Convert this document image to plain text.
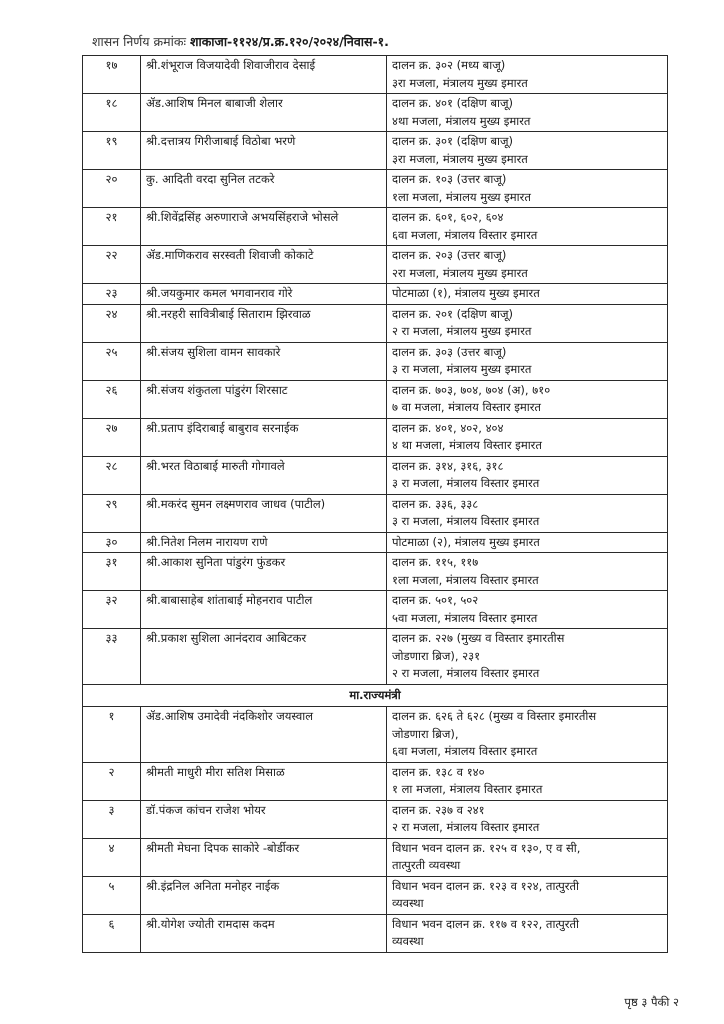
शासन निर्णय क्रमांकः शाकाजा-११२४/प्र.क्र.१२०/२०२४/निवास-१.
१७	श्री.शंभूराज विजयादेवी शिवाजीराव देसाई	दालन क्र. ३०२ (मध्य बाजू)
३रा मजला, मंत्रालय मुख्य इमारत

१८	ॲड.आशिष मिनल बाबाजी शेलार	दालन क्र. ४०१ (दक्षिण बाजू)
४था मजला, मंत्रालय मुख्य इमारत

१९	श्री.दत्तात्रय गिरीजाबाई विठोबा भरणे	दालन क्र. ३०१ (दक्षिण बाजू)
३रा मजला, मंत्रालय मुख्य इमारत

२०	कु. आदिती वरदा सुनिल तटकरे	दालन क्र. १०३ (उत्तर बाजू)
१ला मजला, मंत्रालय मुख्य इमारत

२१	श्री.शिवेंद्रसिंह अरुणाराजे अभयसिंहराजे भोसले	दालन क्र. ६०१, ६०२, ६०४
६वा मजला, मंत्रालय विस्तार इमारत

२२	ॲड.माणिकराव सरस्वती शिवाजी कोकाटे	दालन क्र. २०३ (उत्तर बाजू)
२रा मजला, मंत्रालय मुख्य इमारत

२३	श्री.जयकुमार कमल भगवानराव गोरे	पोटमाळा (१), मंत्रालय मुख्य इमारत

२४	श्री.नरहरी सावित्रीबाई सिताराम झिरवाळ	दालन क्र. २०१ (दक्षिण बाजू)
२ रा मजला, मंत्रालय मुख्य इमारत

२५	श्री.संजय सुशिला वामन सावकारे	दालन क्र. ३०३ (उत्तर बाजू)
३ रा मजला, मंत्रालय मुख्य इमारत

२६	श्री.संजय शंकुतला पांडुरंग शिरसाट	दालन क्र. ७०३, ७०४, ७०४ (अ), ७१०
७ वा मजला, मंत्रालय विस्तार इमारत

२७	श्री.प्रताप इंदिराबाई बाबुराव सरनाईक	दालन क्र. ४०१, ४०२, ४०४
४ था मजला, मंत्रालय विस्तार इमारत

२८	श्री.भरत विठाबाई मारुती गोगावले	दालन क्र. ३१४, ३१६, ३१८
३ रा मजला, मंत्रालय विस्तार इमारत

२९	श्री.मकरंद सुमन लक्ष्मणराव जाधव (पाटील)	दालन क्र. ३३६, ३३८
३ रा मजला, मंत्रालय विस्तार इमारत

३०	श्री.नितेश निलम नारायण राणे	पोटमाळा (२), मंत्रालय मुख्य इमारत

३१	श्री.आकाश सुनिता पांडुरंग फुंडकर	दालन क्र. ११५, ११७
१ला मजला, मंत्रालय विस्तार इमारत

३२	श्री.बाबासाहेब शांताबाई मोहनराव पाटील	दालन क्र. ५०१, ५०२
५वा मजला, मंत्रालय विस्तार इमारत

३३	श्री.प्रकाश सुशिला आनंदराव आबिटकर	दालन क्र. २२७ (मुख्य व विस्तार इमारतीस
जोडणारा ब्रिज), २३१
२ रा मजला, मंत्रालय विस्तार इमारत

मा.राज्यमंत्री		
१	ॲड.आशिष उमादेवी नंदकिशोर जयस्वाल	दालन क्र. ६२६ ते ६२८ (मुख्य व विस्तार इमारतीस
जोडणारा ब्रिज),
६वा मजला, मंत्रालय विस्तार इमारत

२	श्रीमती माधुरी मीरा सतिश मिसाळ	दालन क्र. १३८ व १४०
१ ला मजला, मंत्रालय विस्तार इमारत

३	डॉ.पंकज कांचन राजेश भोयर	दालन क्र. २३७ व २४१
२ रा मजला, मंत्रालय विस्तार इमारत

४	श्रीमती मेघना दिपक साकोरे -बोर्डीकर	विधान भवन दालन क्र. १२५ व १३०, ए व सी,
तात्पुरती व्यवस्था

५	श्री.इंद्रनिल अनिता मनोहर नाईक	विधान भवन दालन क्र. १२३ व १२४, तात्पुरती
व्यवस्था

६	श्री.योगेश ज्योती रामदास कदम	विधान भवन दालन क्र. ११७ व १२२, तात्पुरती
व्यवस्था
पृष्ठ ३ पैकी २
